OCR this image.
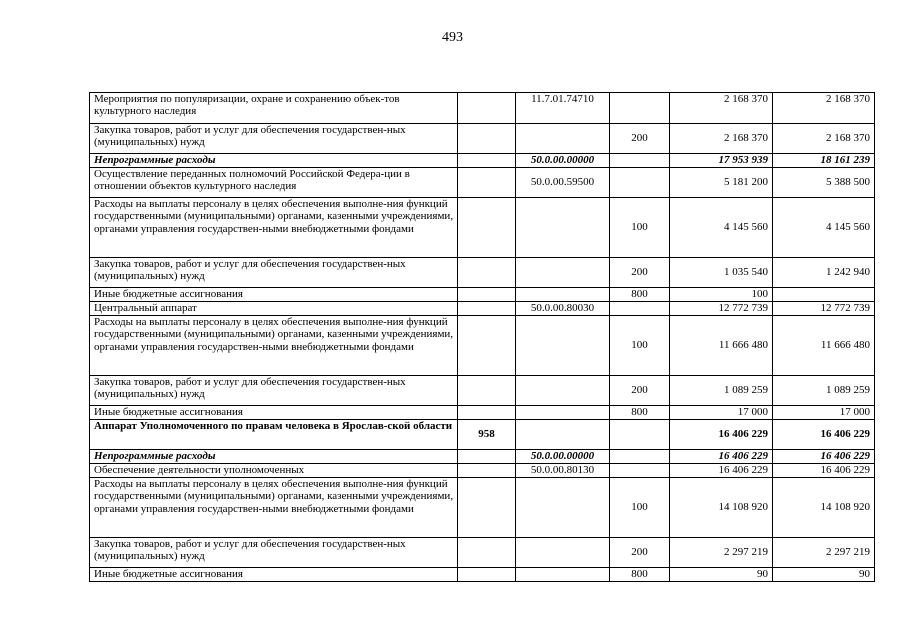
493
Мероприятия по популяризации, охране и сохранению объек-тов культурного наследия		11.7.01.74710		2 168 370	2 168 370
Закупка товаров, работ и услуг для обеспечения государствен-ных (муниципальных) нужд			200	2 168 370	2 168 370
Непрограммные расходы		50.0.00.00000		17 953 939	18 161 239
Осуществление переданных полномочий Российской Федера-ции в отношении объектов культурного наследия		50.0.00.59500		5 181 200	5 388 500
Расходы на выплаты персоналу в целях обеспечения выполне-ния функций государственными (муниципальными) органами, казенными учреждениями, органами управления государствен-ными внебюджетными фондами			100	4 145 560	4 145 560
Закупка товаров, работ и услуг для обеспечения государствен-ных (муниципальных) нужд			200	1 035 540	1 242 940
Иные бюджетные ассигнования			800	100	
Центральный аппарат		50.0.00.80030		12 772 739	12 772 739
Расходы на выплаты персоналу в целях обеспечения выполне-ния функций государственными (муниципальными) органами, казенными учреждениями, органами управления государствен-ными внебюджетными фондами			100	11 666 480	11 666 480
Закупка товаров, работ и услуг для обеспечения государствен-ных (муниципальных) нужд			200	1 089 259	1 089 259
Иные бюджетные ассигнования			800	17 000	17 000
Аппарат Уполномоченного по правам человека в Ярослав-ской области	958			16 406 229	16 406 229
Непрограммные расходы		50.0.00.00000		16 406 229	16 406 229
Обеспечение деятельности уполномоченных		50.0.00.80130		16 406 229	16 406 229
Расходы на выплаты персоналу в целях обеспечения выполне-ния функций государственными (муниципальными) органами, казенными учреждениями, органами управления государствен-ными внебюджетными фондами			100	14 108 920	14 108 920
Закупка товаров, работ и услуг для обеспечения государствен-ных (муниципальных) нужд			200	2 297 219	2 297 219
Иные бюджетные ассигнования			800	90	90
